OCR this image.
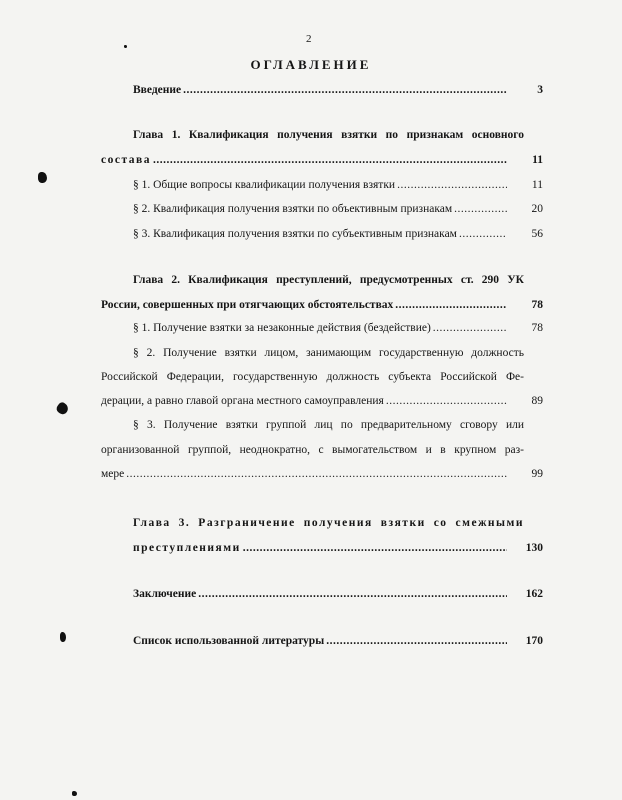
2
ОГЛАВЛЕНИЕ
Введение .....	3
Глава 1. Квалификация получения взятки по признакам основного
состава .....	11
§ 1. Общие вопросы квалификации получения взятки .....	11
§ 2. Квалификация получения взятки по объективным признакам .....	20
§ 3. Квалификация получения взятки по субъективным признакам .....	56
Глава 2. Квалификация преступлений, предусмотренных ст. 290 УК
России, совершенных при отягчающих обстоятельствах .....	78
§ 1. Получение взятки за незаконные действия (бездействие) .....	78
§ 2. Получение взятки лицом, занимающим государственную должность
Российской Федерации, государственную должность субъекта Российской Фе-
дерации, а равно главой органа местного самоуправления .....	89
§ 3. Получение взятки группой лиц по предварительному сговору или
организованной группой, неоднократно, с вымогательством и в крупном раз-
мере .....	99
Глава 3. Разграничение получения взятки со смежными
преступлениями .....	130
Заключение .....	162
Список использованной литературы .....	170
